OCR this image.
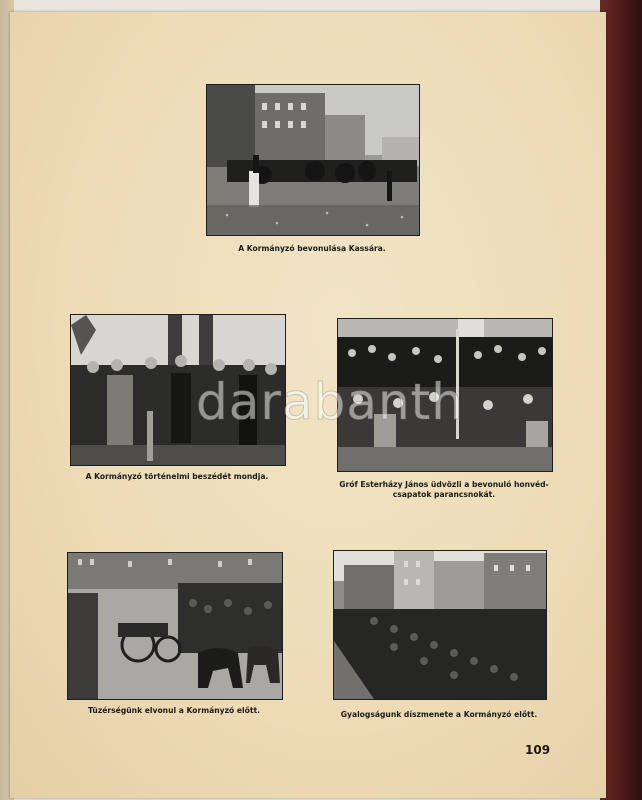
A Kormányzó bevonulása Kassára.
A Kormányzó történelmi beszédét mondja.
Gróf Esterházy János üdvözli a bevonuló honvéd-
csapatok parancsnokát.
Tüzérségünk elvonul a Kormányzó előtt.	Gyalogságunk díszmenete a Kormányzó előtt.
109
darabanth
